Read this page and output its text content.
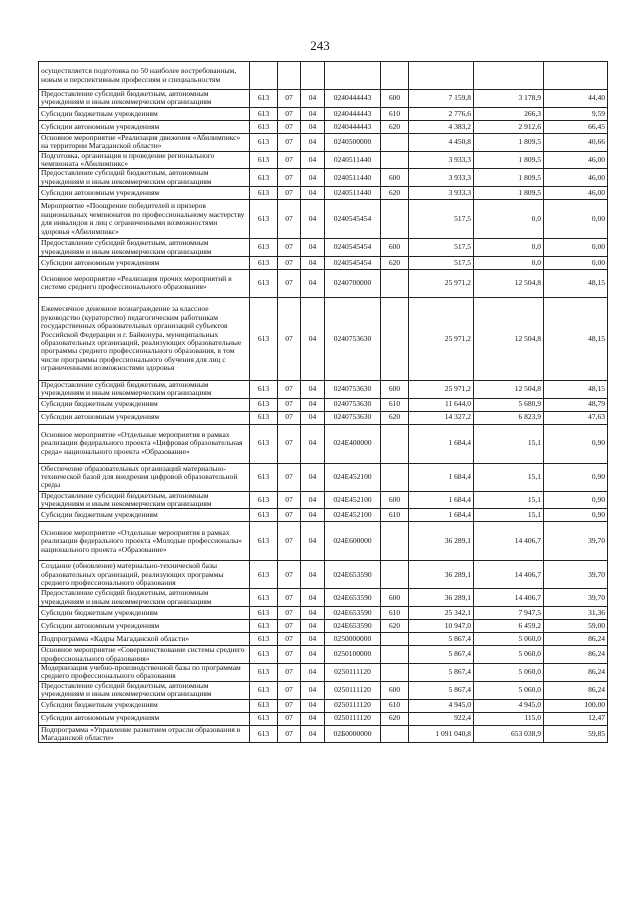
243
осуществляется подготовка по 50 наиболее востребованным, новым и перспективным профессиям и специальностям								
Предоставление субсидий бюджетным, автономным учреждениям и иным некоммерческим организациям	613	07	04	0240444443	600	7 159,8	3 178,9	44,40
Субсидии бюджетным учреждениям	613	07	04	0240444443	610	2 776,6	266,3	9,59
Субсидии автономным учреждениям	613	07	04	0240444443	620	4 383,2	2 912,6	66,45
Основное мероприятие «Реализация движения «Абилимпикс» на территории Магаданской области»	613	07	04	0240500000		4 450,8	1 809,5	40,66
Подготовка, организация и проведение регионального чемпионата «Абилимпикс»	613	07	04	0240511440		3 933,3	1 809,5	46,00
Предоставление субсидий бюджетным, автономным учреждениям и иным некоммерческим организациям	613	07	04	0240511440	600	3 933,3	1 809,5	46,00
Субсидии автономным учреждениям	613	07	04	0240511440	620	3 933,3	1 809,5	46,00
Мероприятие «Поощрение победителей и призеров национальных чемпионатов по профессиональному мастерству для инвалидов и лиц с ограниченными возможностями здоровья «Абилимпикс»	613	07	04	0240545454		517,5	0,0	0,00
Предоставление субсидий бюджетным, автономным учреждениям и иным некоммерческим организациям	613	07	04	0240545454	600	517,5	0,0	0,00
Субсидии автономным учреждениям	613	07	04	0240545454	620	517,5	0,0	0,00
Основное мероприятие «Реализация прочих мероприятий в системе среднего профессионального образования»	613	07	04	0240700000		25 971,2	12 504,8	48,15
Ежемесячное денежное вознаграждение за классное руководство (кураторство) педагогическим работникам государственных образовательных организаций субъектов Российской Федерации и г. Байконура, муниципальных образовательных организаций, реализующих образовательные программы среднего профессионального образования, в том числе программы профессионального обучения для лиц с ограниченными возможностями здоровья	613	07	04	0240753630		25 971,2	12 504,8	48,15
Предоставление субсидий бюджетным, автономным учреждениям и иным некоммерческим организациям	613	07	04	0240753630	600	25 971,2	12 504,8	48,15
Субсидии бюджетным учреждениям	613	07	04	0240753630	610	11 644,0	5 680,9	48,79
Субсидии автономным учреждениям	613	07	04	0240753630	620	14 327,2	6 823,9	47,63
Основное мероприятие «Отдельные мероприятия в рамках реализации федерального проекта «Цифровая образовательная среда» национального проекта «Образование»	613	07	04	024E400000		1 684,4	15,1	0,90
Обеспечение образовательных организаций материально-технической базой для внедрения цифровой образовательной среды	613	07	04	024E452100		1 684,4	15,1	0,90
Предоставление субсидий бюджетным, автономным учреждениям и иным некоммерческим организациям	613	07	04	024E452100	600	1 684,4	15,1	0,90
Субсидии бюджетным учреждениям	613	07	04	024E452100	610	1 684,4	15,1	0,90
Основное мероприятие «Отдельные мероприятия в рамках реализации федерального проекта «Молодые профессионалы» национального проекта «Образование»	613	07	04	024E600000		36 289,1	14 406,7	39,70
Создание (обновление) материально-технической базы образовательных организаций, реализующих программы среднего профессионального образования	613	07	04	024E653590		36 289,1	14 406,7	39,70
Предоставление субсидий бюджетным, автономным учреждениям и иным некоммерческим организациям	613	07	04	024E653590	600	36 289,1	14 406,7	39,70
Субсидии бюджетным учреждениям	613	07	04	024E653590	610	25 342,1	7 947,5	31,36
Субсидии автономным учреждениям	613	07	04	024E653590	620	10 947,0	6 459,2	59,00
Подпрограмма «Кадры Магаданской области»	613	07	04	0250000000		5 867,4	5 060,0	86,24
Основное мероприятие «Совершенствование системы среднего профессионального образования»	613	07	04	0250100000		5 867,4	5 060,0	86,24
Модернизация учебно-производственной базы по программам среднего профессионального образования	613	07	04	0250111120		5 867,4	5 060,0	86,24
Предоставление субсидий бюджетным, автономным учреждениям и иным некоммерческим организациям	613	07	04	0250111120	600	5 867,4	5 060,0	86,24
Субсидии бюджетным учреждениям	613	07	04	0250111120	610	4 945,0	4 945,0	100,00
Субсидии автономным учреждениям	613	07	04	0250111120	620	922,4	115,0	12,47
Подпрограмма «Управление развитием отрасли образования в Магаданской области»	613	07	04	02Б0000000		1 091 040,8	653 038,9	59,85
